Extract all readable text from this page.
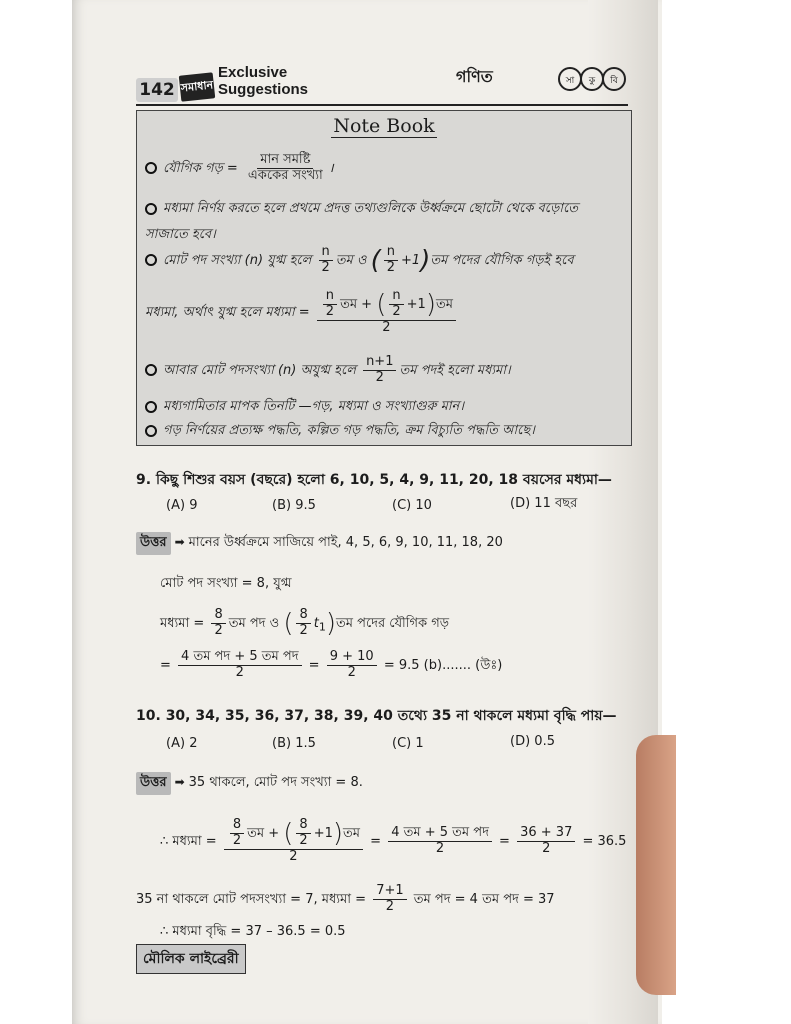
142 সমাধান
Exclusive
Suggestions
গণিত	সা কু বি
Note Book
যৌগিক গড় = $\frac{\text{মান সমষ্টি}}{\text{এককের সংখ্যা}}$ ।
মধ্যমা নির্ণয় করতে হলে প্রথমে প্রদত্ত তথ্যগুলিকে উর্ধ্বক্রমে ছোটো থেকে বড়োতে
সাজাতে হবে।
মোট পদ সংখ্যা (n) যুগ্ম হলে $\frac{n}{2}$ তম ও ( $\frac{n}{2}$ +1)তম পদের যৌগিক গড়ই হবে
মধ্যমা, অর্থাৎ যুগ্ম হলে মধ্যমা = $\frac{\frac{n}{2} তম + ( \frac{n}{2} +1)তম}{2}$
আবার মোট পদসংখ্যা (n) অযুগ্ম হলে $\frac{n+1}{2}$ তম পদই হলো মধ্যমা।
মধ্যগামিতার মাপক তিনটি —গড়, মধ্যমা ও সংখ্যাগুরু মান।
গড় নির্ণয়ের প্রত্যক্ষ পদ্ধতি, কল্পিত গড় পদ্ধতি, ক্রম বিচ্যুতি পদ্ধতি আছে।
9. কিছু শিশুর বয়স (বছরে) হলো 6, 10, 5, 4, 9, 11, 20, 18 বয়সের মধ্যমা—
(A) 9	(B) 9.5	(C) 10	(D) 11 বছর
উত্তর ➡ মানের উর্ধ্বক্রমে সাজিয়ে পাই, 4, 5, 6, 9, 10, 11, 18, 20
মোট পদ সংখ্যা = 8, যুগ্ম
মধ্যমা = $\frac{8}{2}$ তম পদ ও ( $\frac{8}{2}$ $t_1)তম$ পদের যৌগিক গড়
= $\frac{\text{4 তম পদ + 5 তম পদ}}{2} = \frac{9 + 10}{2} = 9.5$ (b)....... (উঃ)
10. 30, 34, 35, 36, 37, 38, 39, 40 তথ্যে 35 না থাকলে মধ্যমা বৃদ্ধি পায়—
(A) 2	(B) 1.5	(C) 1	(D) 0.5
উত্তর ➡ 35 থাকলে, মোট পদ সংখ্যা = 8.
∴ মধ্যমা = $\frac{\frac{8}{2} তম + ( \frac{8}{2} +1)তম}{2} = \frac{\text{4 তম + 5 তম পদ}}{2} = \frac{36 + 37}{2} = 36.5$
35 না থাকলে মোট পদসংখ্যা = 7, মধ্যমা = $\frac{7+1}{2}$ তম পদ = 4 তম পদ = 37
∴ মধ্যমা বৃদ্ধি = 37 – 36.5 = 0.5
মৌলিক লাইব্রেরী
